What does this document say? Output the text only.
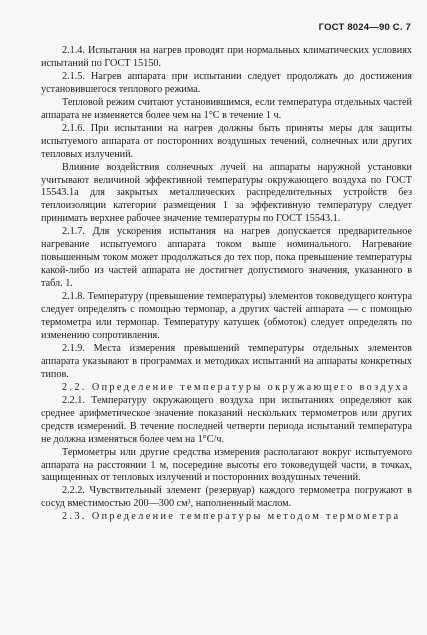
ГОСТ 8024—90 С. 7

2.1.4. Испытания на нагрев проводят при нормальных климатических условиях испытаний по ГОСТ 15150.

2.1.5. Нагрев аппарата при испытании следует продолжать до достижения установившегося теплового режима.

Тепловой режим считают установившимся, если температура отдельных частей аппарата не изменяется более чем на 1°С в течение 1 ч.

2.1.6. При испытании на нагрев должны быть приняты меры для защиты испытуемого аппарата от посторонних воздушных течений, солнечных или других тепловых излучений.

Влияние воздействия солнечных лучей на аппараты наружной установки учитывают величиной эффективной температуры окружающего воздуха по ГОСТ 15543.1а для закрытых металлических распределительных устройств без теплоизоляции категории размещения 1 за эффективную температуру следует принимать верхнее рабочее значение температуры по ГОСТ 15543.1.

2.1.7. Для ускорения испытания на нагрев допускается предварительное нагревание испытуемого аппарата током выше номинального. Нагревание повышенным током может продолжаться до тех пор, пока превышение температуры какой-либо из частей аппарата не достигнет допустимого значения, указанного в табл. 1.

2.1.8. Температуру (превышение температуры) элементов токоведущего контура следует определять с помощью термопар, а других частей аппарата — с помощью термометра или термопар. Температуру катушек (обмоток) следует определять по изменению сопротивления.

2.1.9. Места измерения превышений температуры отдельных элементов аппарата указывают в программах и методиках испытаний на аппараты конкретных типов.

2.2. Определение температуры окружающего воздуха

2.2.1. Температуру окружающего воздуха при испытаниях определяют как среднее арифметическое значение показаний нескольких термометров или других средств измерений. В течение последней четверти периода испытаний температура не должна изменяться более чем на 1°С/ч.

Термометры или другие средства измерения располагают вокруг испытуемого аппарата на расстоянии 1 м, посередине высоты его токоведущей части, в точках, защищенных от тепловых излучений и посторонних воздушных течений.

2.2.2. Чувствительный элемент (резервуар) каждого термометра погружают в сосуд вместимостью 200—300 см³, наполненный маслом.

2.3. Определение температуры методом термометра
